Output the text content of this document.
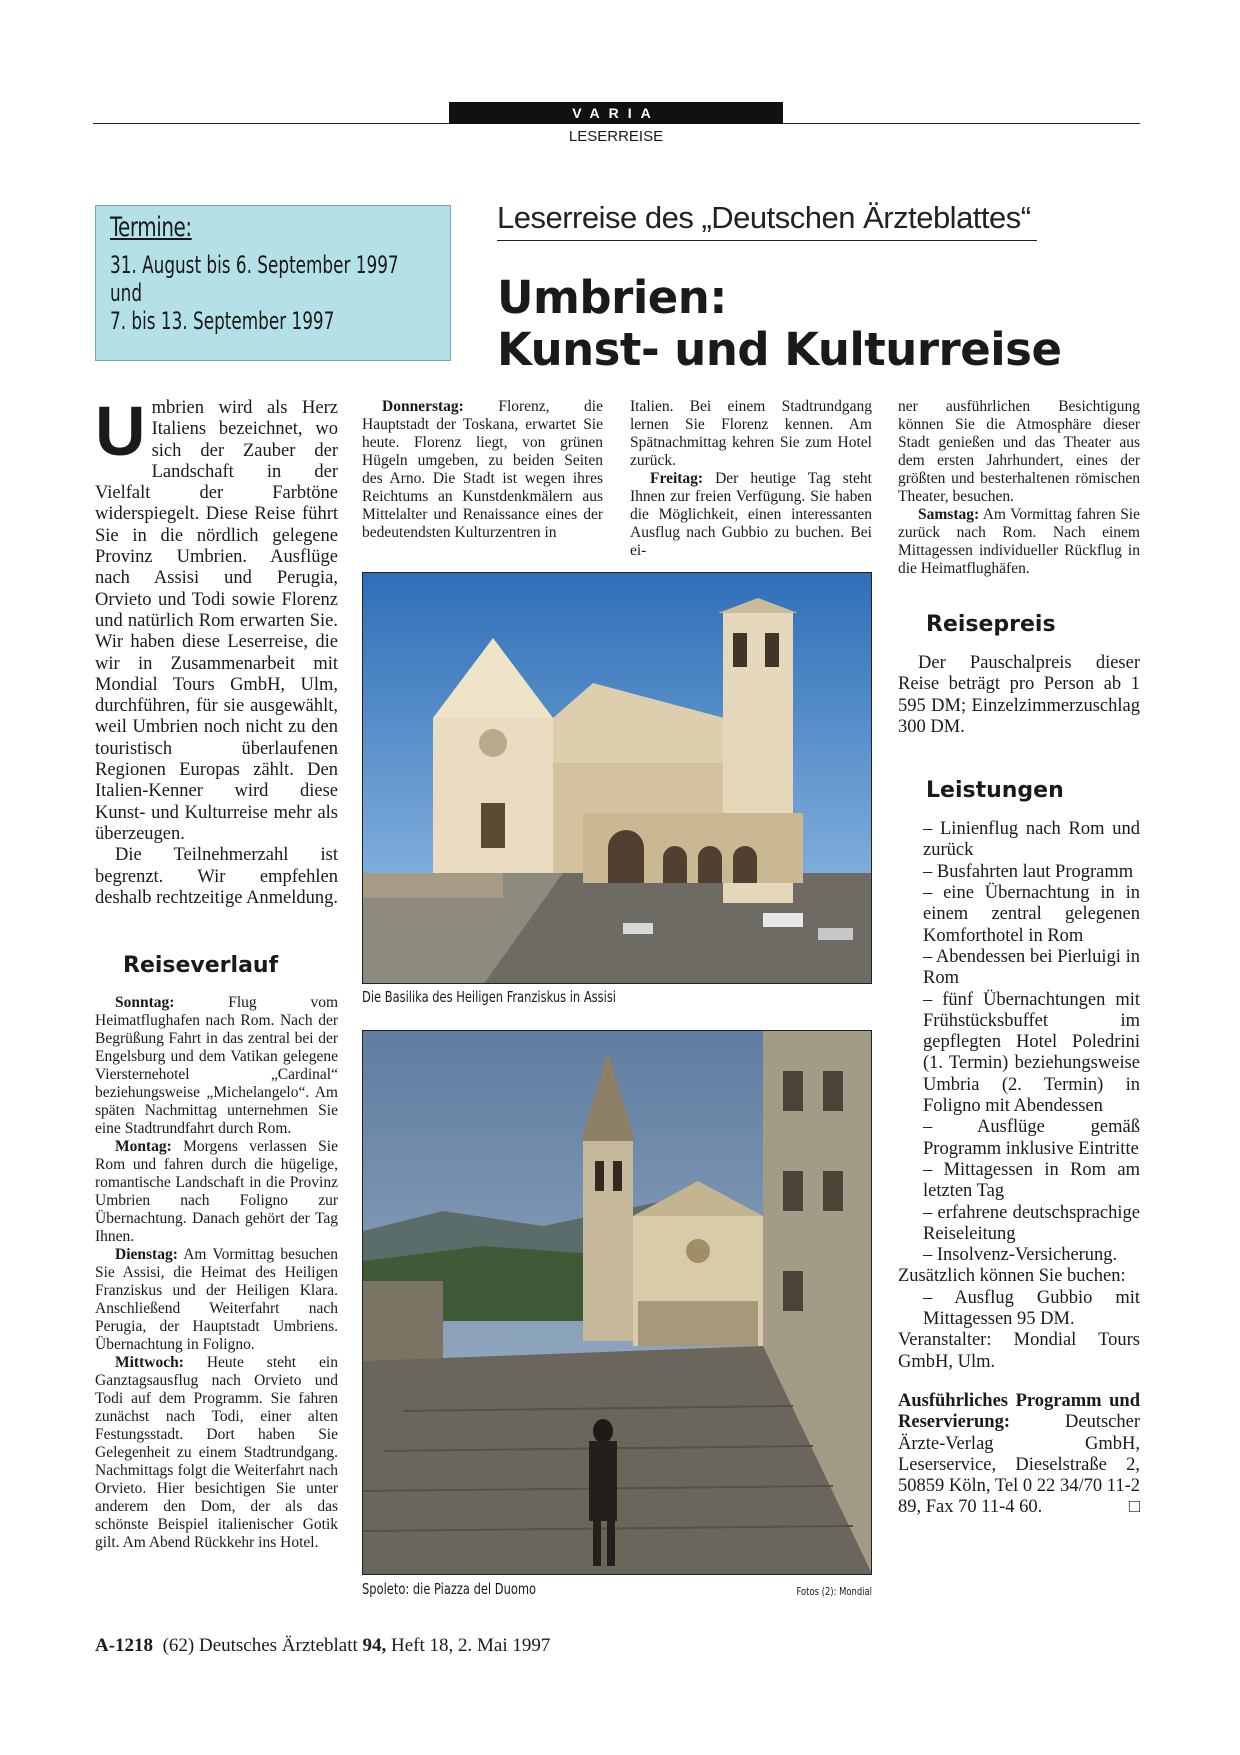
VARIA
LESERREISE
Termine:
31. August bis 6. September 1997
und
7. bis 13. September 1997
Leserreise des „Deutschen Ärzteblattes“
Umbrien:
Kunst- und Kulturreise

Umbrien wird als Herz Italiens bezeichnet, wo sich der Zauber der Landschaft in der Vielfalt der Farbtöne widerspiegelt. Diese Reise führt Sie in die nördlich gelegene Provinz Umbrien. Ausflüge nach Assisi und Perugia, Orvieto und Todi sowie Florenz und natürlich Rom erwarten Sie. Wir haben diese Leserreise, die wir in Zusammenarbeit mit Mondial Tours GmbH, Ulm, durchführen, für sie ausgewählt, weil Umbrien noch nicht zu den touristisch überlaufenen Regionen Europas zählt. Den Italien-Kenner wird diese Kunst- und Kulturreise mehr als überzeugen.

Die Teilnehmerzahl ist begrenzt. Wir empfehlen deshalb rechtzeitige Anmeldung.

Reiseverlauf

Sonntag: Flug vom Heimatflughafen nach Rom. Nach der Begrüßung Fahrt in das zentral bei der Engelsburg und dem Vatikan gelegene Viersternehotel „Cardinal“ beziehungsweise „Michelangelo“. Am späten Nachmittag unternehmen Sie eine Stadtrundfahrt durch Rom.

Montag: Morgens verlassen Sie Rom und fahren durch die hügelige, romantische Landschaft in die Provinz Umbrien nach Foligno zur Übernachtung. Danach gehört der Tag Ihnen.

Dienstag: Am Vormittag besuchen Sie Assisi, die Heimat des Heiligen Franziskus und der Heiligen Klara. Anschließend Weiterfahrt nach Perugia, der Hauptstadt Umbriens. Übernachtung in Foligno.

Mittwoch: Heute steht ein Ganztagsausflug nach Orvieto und Todi auf dem Programm. Sie fahren zunächst nach Todi, einer alten Festungsstadt. Dort haben Sie Gelegenheit zu einem Stadtrundgang. Nachmittags folgt die Weiterfahrt nach Orvieto. Hier besichtigen Sie unter anderem den Dom, der als das schönste Beispiel italienischer Gotik gilt. Am Abend Rückkehr ins Hotel.

Donnerstag: Florenz, die Hauptstadt der Toskana, erwartet Sie heute. Florenz liegt, von grünen Hügeln umgeben, zu beiden Seiten des Arno. Die Stadt ist wegen ihres Reichtums an Kunstdenkmälern aus Mittelalter und Renaissance eines der bedeutendsten Kulturzentren in

Italien. Bei einem Stadtrundgang lernen Sie Florenz kennen. Am Spätnachmittag kehren Sie zum Hotel zurück.

Freitag: Der heutige Tag steht Ihnen zur freien Verfügung. Sie haben die Möglichkeit, einen interessanten Ausflug nach Gubbio zu buchen. Bei ei-

Die Basilika des Heiligen Franziskus in Assisi
Spoleto: die Piazza del Duomo	Fotos (2): Mondial

ner ausführlichen Besichtigung können Sie die Atmosphäre dieser Stadt genießen und das Theater aus dem ersten Jahrhundert, eines der größten und besterhaltenen römischen Theater, besuchen.

Samstag: Am Vormittag fahren Sie zurück nach Rom. Nach einem Mittagessen individueller Rückflug in die Heimatflughäfen.

Reisepreis

Der Pauschalpreis dieser Reise beträgt pro Person ab 1 595 DM; Einzelzimmerzuschlag 300 DM.

Leistungen

– Linienflug nach Rom und zurück

– Busfahrten laut Programm

– eine Übernachtung in in einem zentral gelegenen Komforthotel in Rom

– Abendessen bei Pierluigi in Rom

– fünf Übernachtungen mit Frühstücksbuffet im gepflegten Hotel Poledrini (1. Termin) beziehungsweise Umbria (2. Termin) in Foligno mit Abendessen

– Ausflüge gemäß Programm inklusive Eintritte

– Mittagessen in Rom am letzten Tag

– erfahrene deutschsprachige Reiseleitung

– Insolvenz-Versicherung.

Zusätzlich können Sie buchen:

– Ausflug Gubbio mit Mittagessen 95 DM.

Veranstalter: Mondial Tours GmbH, Ulm.

Ausführliches Programm und Reservierung: Deutscher Ärzte-Verlag GmbH, Leserservice, Dieselstraße 2, 50859 Köln, Tel 0 22 34/70 11-2 89, Fax 70 11-4 60.	□

A-1218 (62) Deutsches Ärzteblatt 94, Heft 18, 2. Mai 1997
